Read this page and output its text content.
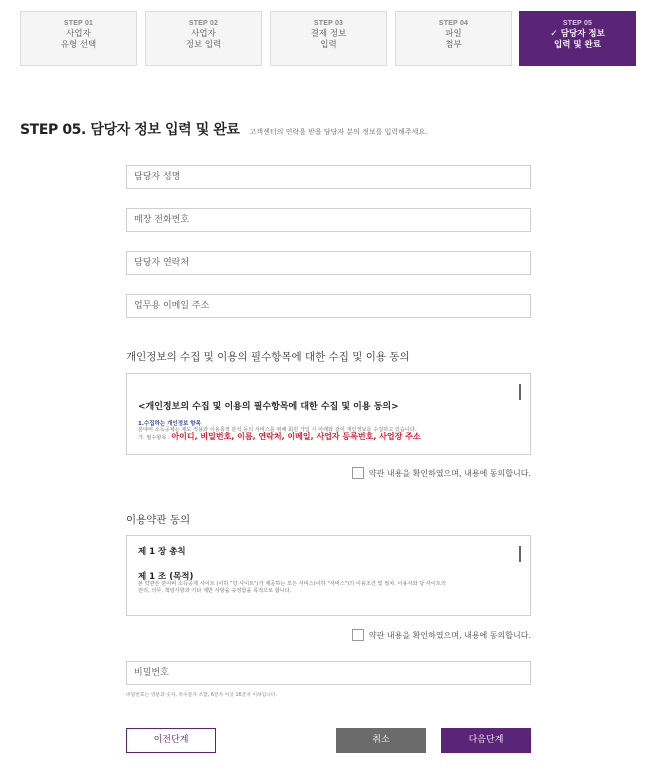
STEP 01
사업자
유형 선택
STEP 02
사업자
정보 입력
STEP 03
결제 정보
입력
STEP 04
파일
첨부
STEP 05
✓ 담당자 정보
입력 및 완료
STEP 05. 담당자 정보 입력 및 완료 고객센터의 연락을 받을 담당자 분의 정보를 입력해주세요.
담당자 성명
매장 전화번호
담당자 연락처
업무용 이메일 주소
개인정보의 수집 및 이용의 필수항목에 대한 수집 및 이용 동의
<개인정보의 수집 및 이용의 필수항목에 대한 수집 및 이용 동의>
1.수집하는 개인정보 항목
분야비 소득공제는 제도 적용과 이용목적 분석 등의 서비스를 위해 회원 가입 시 아래와 같이 개인정보를 수집하고 있습니다.
가. 필수항목 : 아이디, 비밀번호, 이름, 연락처, 이메일, 사업자 등록번호, 사업장 주소
약관 내용을 확인하였으며, 내용에 동의합니다.
이용약관 동의
제 1 장 총칙
제 1 조 (목적)
본 약관은 분야비 소득공제 사이트 (이하 "당 사이트")가 제공하는 모든 서비스(이하 "서비스")의 이용조건 및 절차, 이용자와 당 사이트의
권리, 의무, 책임사항과 기타 제반 사항을 규정함을 목적으로 합니다.
약관 내용을 확인하였으며, 내용에 동의합니다.
비밀번호는 영문과 숫자, 특수문자 조합, 6글자 이상 16글자 이하입니다.
이전단계	취소	다음단계
